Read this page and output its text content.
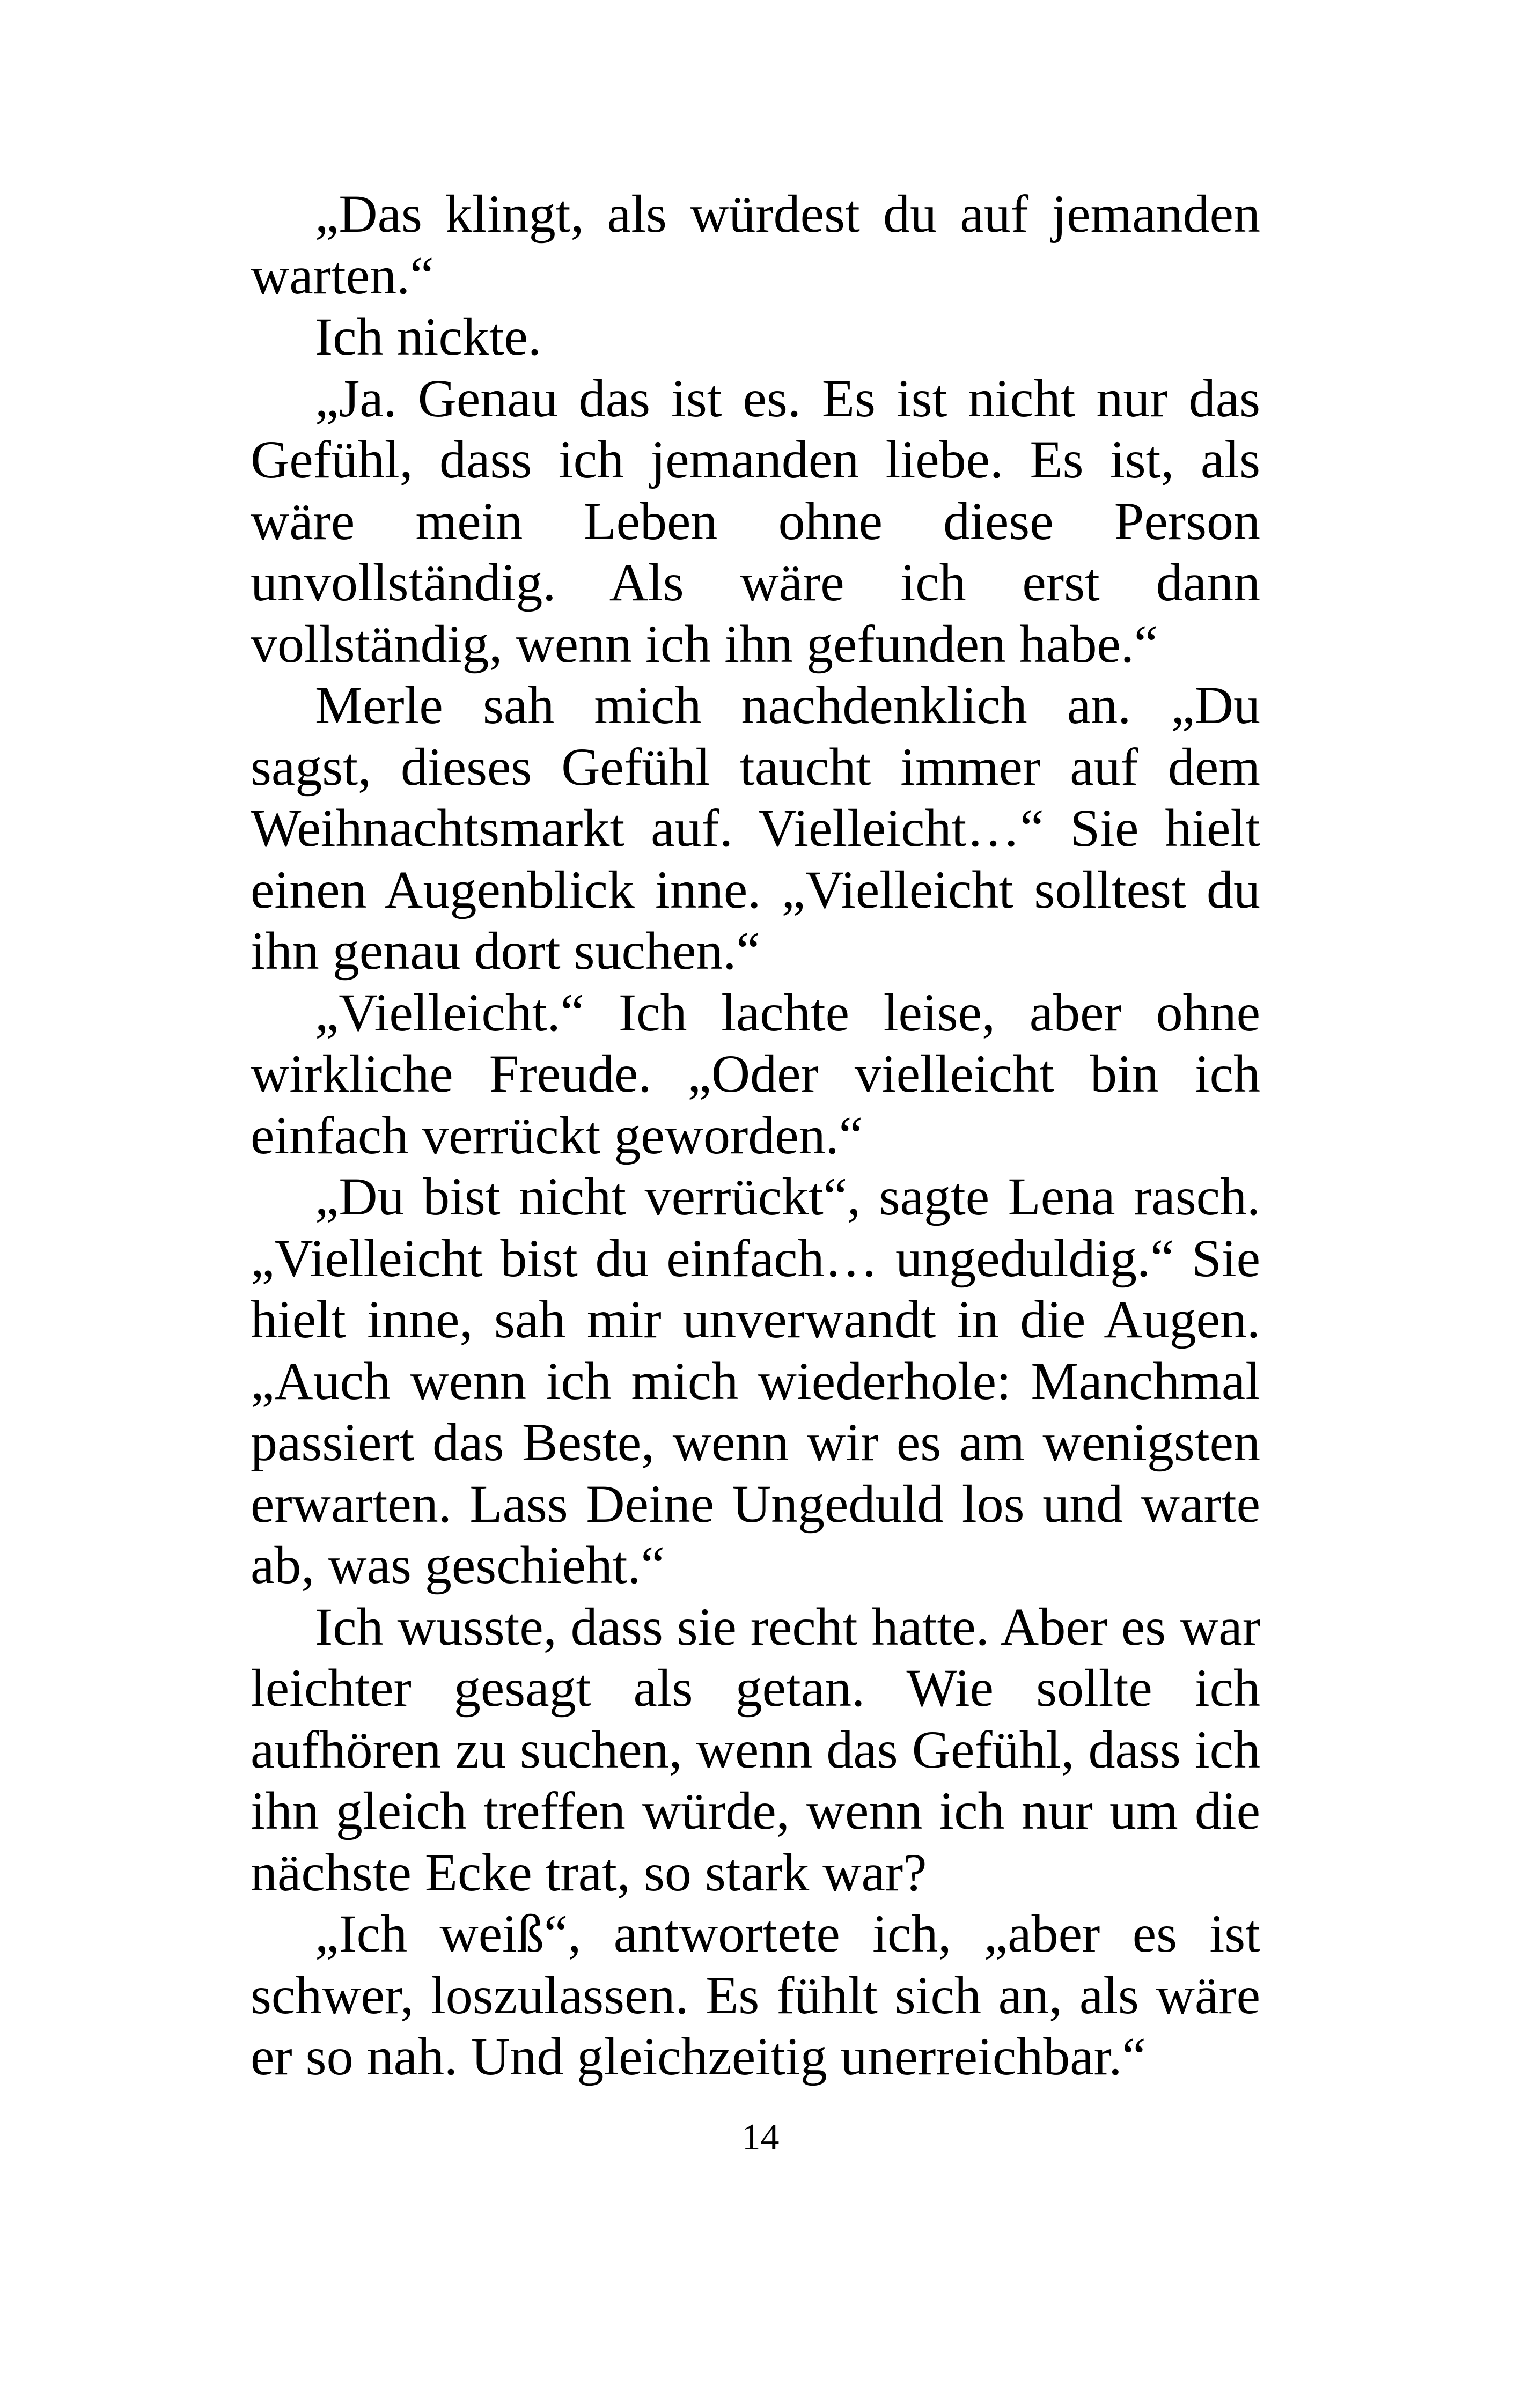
„Das klingt, als würdest du auf jemanden warten.“

Ich nickte.

„Ja. Genau das ist es. Es ist nicht nur das Gefühl, dass ich jemanden liebe. Es ist, als wäre mein Leben ohne diese Person unvollständig. Als wäre ich erst dann vollständig, wenn ich ihn gefunden habe.“

Merle sah mich nachdenklich an. „Du sagst, dieses Gefühl taucht immer auf dem Weihnachtsmarkt auf. Vielleicht…“ Sie hielt einen Augenblick inne. „Vielleicht solltest du ihn genau dort suchen.“

„Vielleicht.“ Ich lachte leise, aber ohne wirkliche Freude. „Oder vielleicht bin ich einfach verrückt geworden.“

„Du bist nicht verrückt“, sagte Lena rasch. „Vielleicht bist du einfach… ungeduldig.“ Sie hielt inne, sah mir unverwandt in die Augen. „Auch wenn ich mich wiederhole: Manchmal passiert das Beste, wenn wir es am wenigsten erwarten. Lass Deine Ungeduld los und warte ab, was geschieht.“

Ich wusste, dass sie recht hatte. Aber es war leichter gesagt als getan. Wie sollte ich aufhören zu suchen, wenn das Gefühl, dass ich ihn gleich treffen würde, wenn ich nur um die nächste Ecke trat, so stark war?

„Ich weiß“, antwortete ich, „aber es ist schwer, loszulassen. Es fühlt sich an, als wäre er so nah. Und gleichzeitig unerreichbar.“

14
